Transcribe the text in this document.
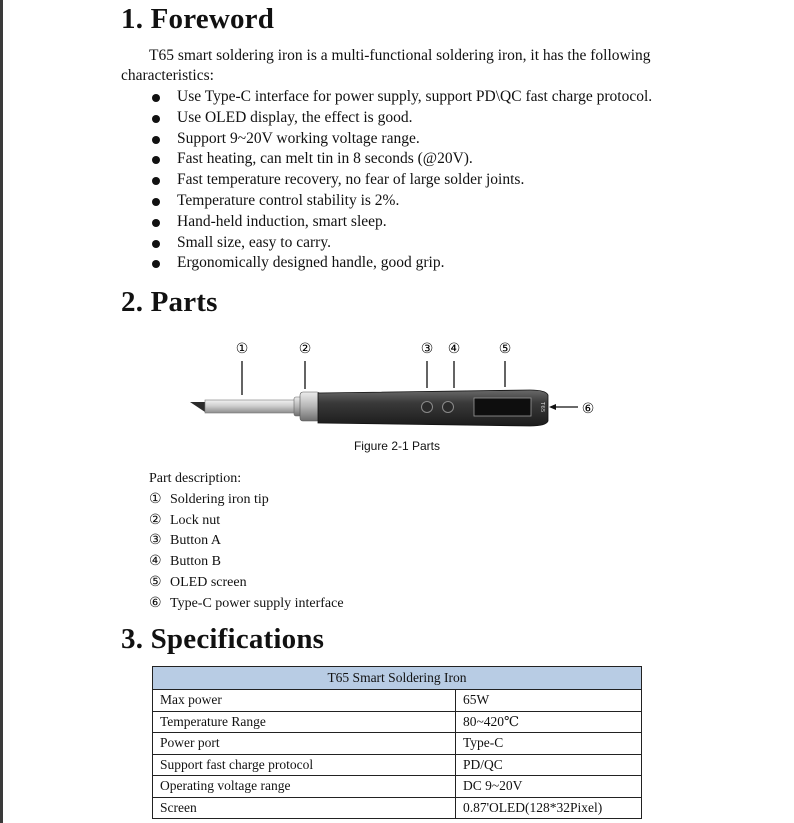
1. Foreword
T65 smart soldering iron is a multi-functional soldering iron, it has the following
characteristics:
Use Type-C interface for power supply, support PD\QC fast charge protocol.
Use OLED display, the effect is good.
Support 9~20V working voltage range.
Fast heating, can melt tin in 8 seconds (@20V).
Fast temperature recovery, no fear of large solder joints.
Temperature control stability is 2%.
Hand-held induction, smart sleep.
Small size, easy to carry.
Ergonomically designed handle, good grip.
2. Parts
①	②	③ ④	⑤
⑥
T65
Figure 2-1 Parts
Part description:
① Soldering iron tip
② Lock nut
③ Button A
④ Button B
⑤ OLED screen
⑥ Type-C power supply interface
3. Specifications
T65 Smart Soldering Iron	
Max power	65W
Temperature Range	80~420℃
Power port	Type-C
Support fast charge protocol	PD/QC
Operating voltage range	DC 9~20V
Screen	0.87'OLED(128*32Pixel)
